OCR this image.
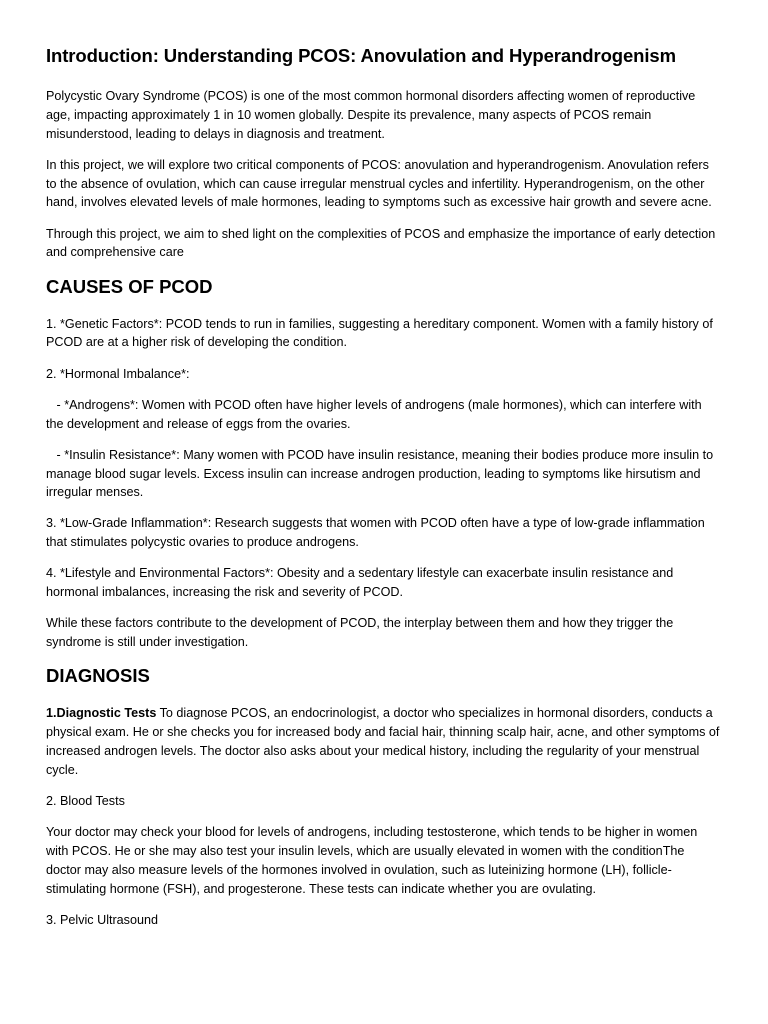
Introduction: Understanding PCOS: Anovulation and Hyperandrogenism

Polycystic Ovary Syndrome (PCOS) is one of the most common hormonal disorders affecting women of reproductive age, impacting approximately 1 in 10 women globally. Despite its prevalence, many aspects of PCOS remain misunderstood, leading to delays in diagnosis and treatment.

In this project, we will explore two critical components of PCOS: anovulation and hyperandrogenism. Anovulation refers to the absence of ovulation, which can cause irregular menstrual cycles and infertility. Hyperandrogenism, on the other hand, involves elevated levels of male hormones, leading to symptoms such as excessive hair growth and severe acne.

Through this project, we aim to shed light on the complexities of PCOS and emphasize the importance of early detection and comprehensive care

CAUSES OF PCOD

1. *Genetic Factors*: PCOD tends to run in families, suggesting a hereditary component. Women with a family history of PCOD are at a higher risk of developing the condition.

2. *Hormonal Imbalance*:

- *Androgens*: Women with PCOD often have higher levels of androgens (male hormones), which can interfere with the development and release of eggs from the ovaries.

- *Insulin Resistance*: Many women with PCOD have insulin resistance, meaning their bodies produce more insulin to manage blood sugar levels. Excess insulin can increase androgen production, leading to symptoms like hirsutism and irregular menses.

3. *Low-Grade Inflammation*: Research suggests that women with PCOD often have a type of low-grade inflammation that stimulates polycystic ovaries to produce androgens.

4. *Lifestyle and Environmental Factors*: Obesity and a sedentary lifestyle can exacerbate insulin resistance and hormonal imbalances, increasing the risk and severity of PCOD.

While these factors contribute to the development of PCOD, the interplay between them and how they trigger the syndrome is still under investigation.

DIAGNOSIS

1.Diagnostic Tests To diagnose PCOS, an endocrinologist, a doctor who specializes in hormonal disorders, conducts a physical exam. He or she checks you for increased body and facial hair, thinning scalp hair, acne, and other symptoms of increased androgen levels. The doctor also asks about your medical history, including the regularity of your menstrual cycle.

2. Blood Tests

Your doctor may check your blood for levels of androgens, including testosterone, which tends to be higher in women with PCOS. He or she may also test your insulin levels, which are usually elevated in women with the conditionThe doctor may also measure levels of the hormones involved in ovulation, such as luteinizing hormone (LH), follicle-stimulating hormone (FSH), and progesterone. These tests can indicate whether you are ovulating.

3. Pelvic Ultrasound
